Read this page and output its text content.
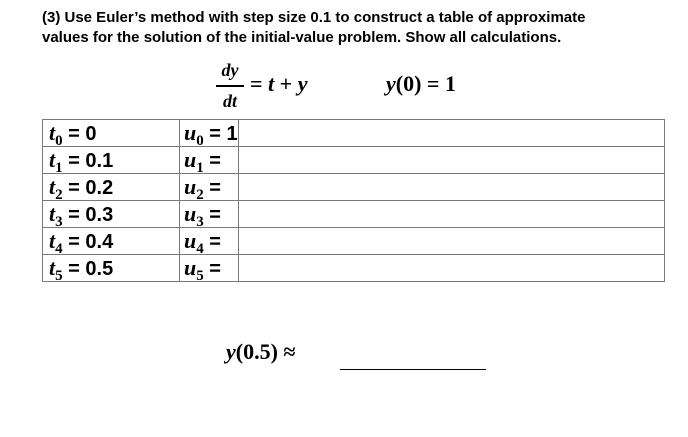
(3) Use Euler’s method with step size 0.1 to construct a table of approximate
values for the solution of the initial-value problem. Show all calculations.
dy
dt
= t + y	y(0) = 1
$t_0 = 0$	$u_0 = 1$	
$t_1 = 0.1$	$u_1$ =	
$t_2 = 0.2$	$u_2$ =	
$t_3 = 0.3$	$u_3$ =	
$t_4 = 0.4$	$u_4$ =	
$t_5 = 0.5$	$u_5$ =	
y(0.5) ≈
